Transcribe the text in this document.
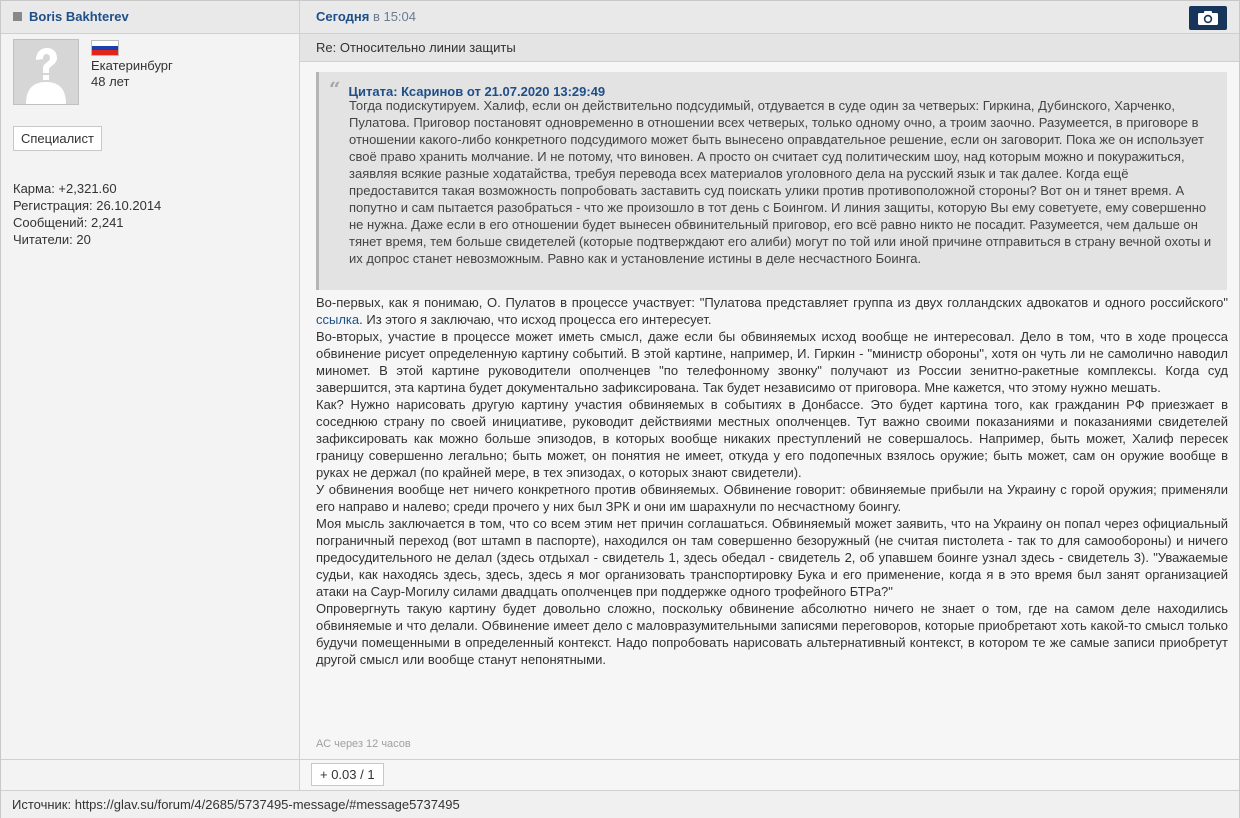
Boris Bakhterev	Сегодня в 15:04
Екатеринбург
48 лет
Специалист
Карма: +2,321.60
Регистрация: 26.10.2014
Сообщений: 2,241
Читатели: 20
Re: Относительно линии защиты
“ Цитата: Ксаринов от 21.07.2020 13:29:49
Тогда подискутируем. Халиф, если он действительно подсудимый, отдувается в суде один за четверых: Гиркина, Дубинского, Харченко, Пулатова. Приговор постановят одновременно в отношении всех четверых, только одному очно, а троим заочно. Разумеется, в приговоре в отношении какого-либо конкретного подсудимого может быть вынесено оправдательное решение, если он заговорит. Пока же он использует своё право хранить молчание. И не потому, что виновен. А просто он считает суд политическим шоу, над которым можно и покуражиться, заявляя всякие разные ходатайства, требуя перевода всех материалов уголовного дела на русский язык и так далее. Когда ещё предоставится такая возможность попробовать заставить суд поискать улики против противоположной стороны? Вот он и тянет время. А попутно и сам пытается разобраться - что же произошло в тот день с Боингом. И линия защиты, которую Вы ему советуете, ему совершенно не нужна. Даже если в его отношении будет вынесен обвинительный приговор, его всё равно никто не посадит. Разумеется, чем дальше он тянет время, тем больше свидетелей (которые подтверждают его алиби) могут по той или иной причине отправиться в страну вечной охоты и их допрос станет невозможным. Равно как и установление истины в деле несчастного Боинга.

Во-первых, как я понимаю, О. Пулатов в процессе участвует: "Пулатова представляет группа из двух голландских адвокатов и одного российского" ссылка. Из этого я заключаю, что исход процесса его интересует.

Во-вторых, участие в процессе может иметь смысл, даже если бы обвиняемых исход вообще не интересовал. Дело в том, что в ходе процесса обвинение рисует определенную картину событий. В этой картине, например, И. Гиркин - "министр обороны", хотя он чуть ли не самолично наводил миномет. В этой картине руководители ополченцев "по телефонному звонку" получают из России зенитно-ракетные комплексы. Когда суд завершится, эта картина будет документально зафиксирована. Так будет независимо от приговора. Мне кажется, что этому нужно мешать.

Как? Нужно нарисовать другую картину участия обвиняемых в событиях в Донбассе. Это будет картина того, как гражданин РФ приезжает в соседнюю страну по своей инициативе, руководит действиями местных ополченцев. Тут важно своими показаниями и показаниями свидетелей зафиксировать как можно больше эпизодов, в которых вообще никаких преступлений не совершалось. Например, быть может, Халиф пересек границу совершенно легально; быть может, он понятия не имеет, откуда у его подопечных взялось оружие; быть может, сам он оружие вообще в руках не держал (по крайней мере, в тех эпизодах, о которых знают свидетели).

У обвинения вообще нет ничего конкретного против обвиняемых. Обвинение говорит: обвиняемые прибыли на Украину с горой оружия; применяли его направо и налево; среди прочего у них был ЗРК и они им шарахнули по несчастному боингу.

Моя мысль заключается в том, что со всем этим нет причин соглашаться. Обвиняемый может заявить, что на Украину он попал через официальный пограничный переход (вот штамп в паспорте), находился он там совершенно безоружный (не считая пистолета - так то для самообороны) и ничего предосудительного не делал (здесь отдыхал - свидетель 1, здесь обедал - свидетель 2, об упавшем боинге узнал здесь - свидетель 3). "Уважаемые судьи, как находясь здесь, здесь, здесь я мог организовать транспортировку Бука и его применение, когда я в это время был занят организацией атаки на Саур-Могилу силами двадцать ополченцев при поддержке одного трофейного БТРа?"

Опровергнуть такую картину будет довольно сложно, поскольку обвинение абсолютно ничего не знает о том, где на самом деле находились обвиняемые и что делали. Обвинение имеет дело с маловразумительными записями переговоров, которые приобретают хоть какой-то смысл только будучи помещенными в определенный контекст. Надо попробовать нарисовать альтернативный контекст, в котором те же самые записи приобретут другой смысл или вообще станут непонятными.

АС через 12 часов
+ 0.03 / 1
Источник: https://glav.su/forum/4/2685/5737495-message/#message5737495
